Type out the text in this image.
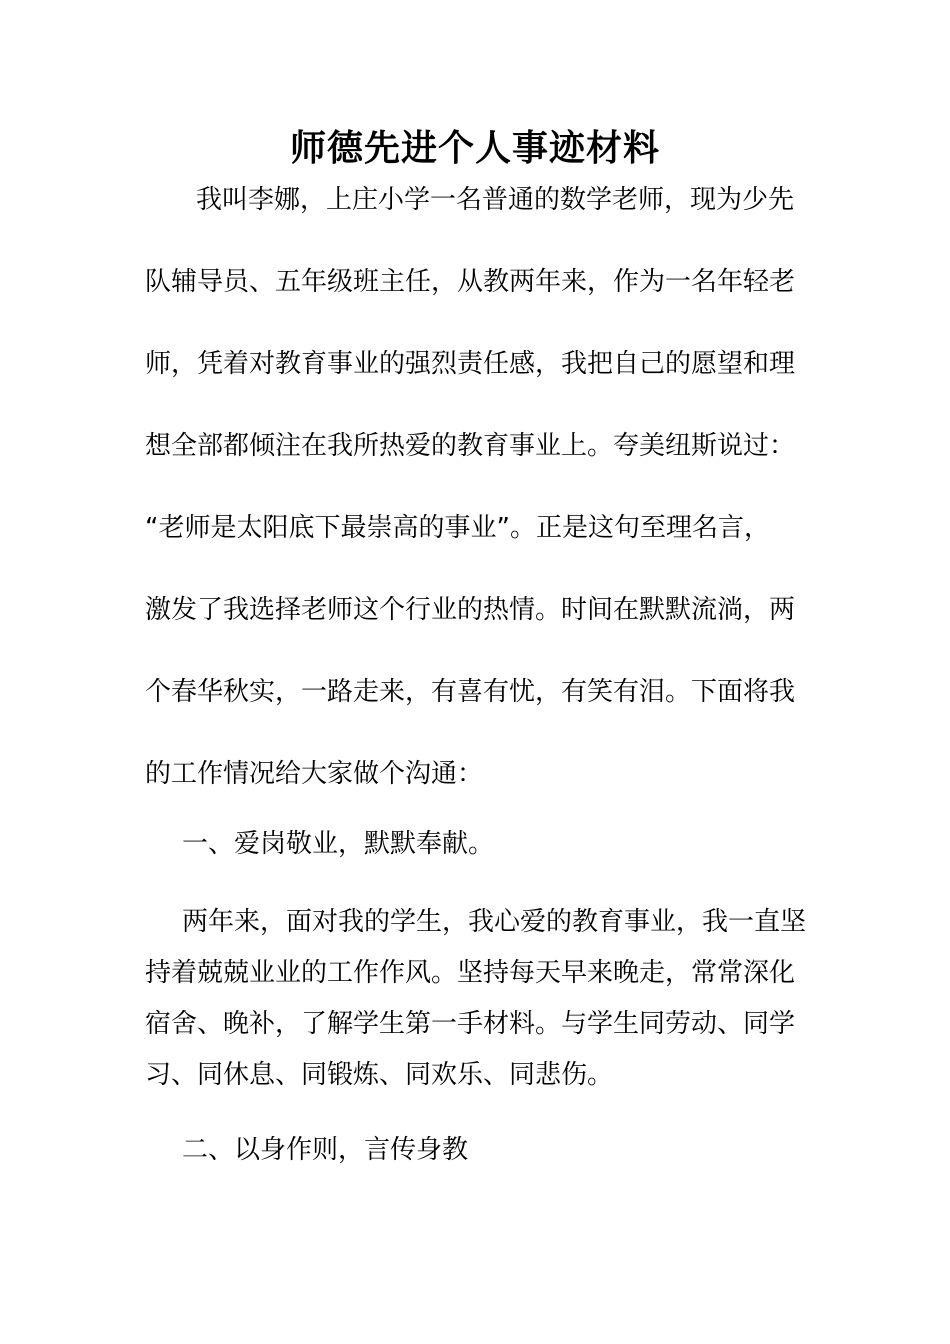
师德先进个人事迹材料
我叫李娜，上庄小学一名普通的数学老师，现为少先
队辅导员、五年级班主任，从教两年来，作为一名年轻老
师，凭着对教育事业的强烈责任感，我把自己的愿望和理
想全部都倾注在我所热爱的教育事业上。夸美纽斯说过：
“老师是太阳底下最崇高的事业”。正是这句至理名言，
激发了我选择老师这个行业的热情。时间在默默流淌，两
个春华秋实，一路走来，有喜有忧，有笑有泪。下面将我
的工作情况给大家做个沟通：
一、爱岗敬业，默默奉献。
两年来，面对我的学生，我心爱的教育事业，我一直坚
持着兢兢业业的工作作风。坚持每天早来晚走，常常深化
宿舍、晚补，了解学生第一手材料。与学生同劳动、同学
习、同休息、同锻炼、同欢乐、同悲伤。
二、以身作则，言传身教
